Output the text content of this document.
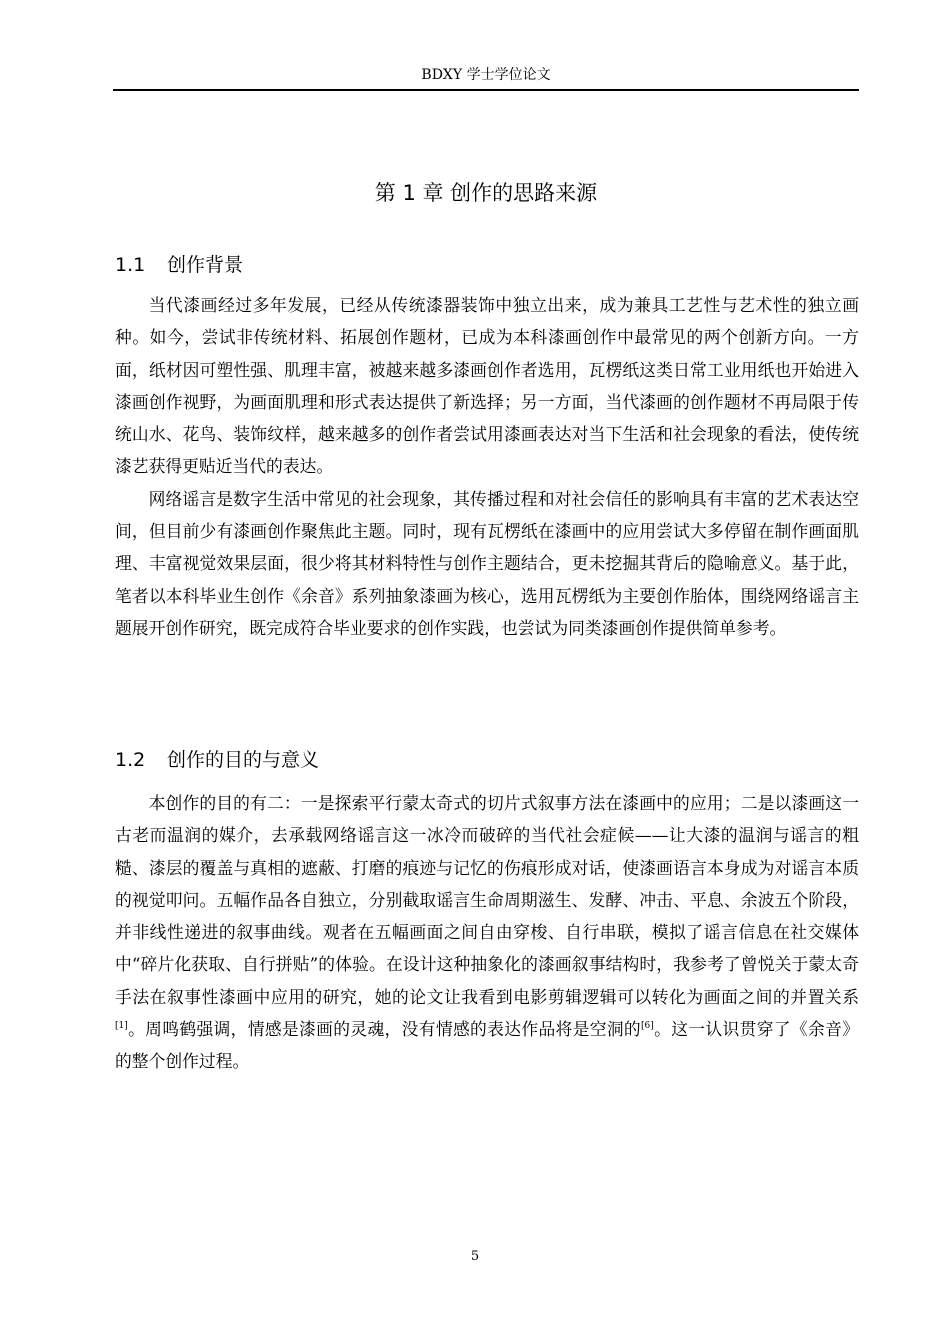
BDXY 学士学位论文
第 1 章 创作的思路来源
1.1 创作背景

当代漆画经过多年发展，已经从传统漆器装饰中独立出来，成为兼具工艺性与艺术性的独立画种。如今，尝试非传统材料、拓展创作题材，已成为本科漆画创作中最常见的两个创新方向。一方面，纸材因可塑性强、肌理丰富，被越来越多漆画创作者选用，瓦楞纸这类日常工业用纸也开始进入漆画创作视野，为画面肌理和形式表达提供了新选择；另一方面，当代漆画的创作题材不再局限于传统山水、花鸟、装饰纹样，越来越多的创作者尝试用漆画表达对当下生活和社会现象的看法，使传统漆艺获得更贴近当代的表达。

网络谣言是数字生活中常见的社会现象，其传播过程和对社会信任的影响具有丰富的艺术表达空间，但目前少有漆画创作聚焦此主题。同时，现有瓦楞纸在漆画中的应用尝试大多停留在制作画面肌理、丰富视觉效果层面，很少将其材料特性与创作主题结合，更未挖掘其背后的隐喻意义。基于此，笔者以本科毕业生创作《余音》系列抽象漆画为核心，选用瓦楞纸为主要创作胎体，围绕网络谣言主题展开创作研究，既完成符合毕业要求的创作实践，也尝试为同类漆画创作提供简单参考。

1.2 创作的目的与意义

本创作的目的有二：一是探索平行蒙太奇式的切片式叙事方法在漆画中的应用；二是以漆画这一古老而温润的媒介，去承载网络谣言这一冰冷而破碎的当代社会症候——让大漆的温润与谣言的粗糙、漆层的覆盖与真相的遮蔽、打磨的痕迹与记忆的伤痕形成对话，使漆画语言本身成为对谣言本质的视觉叩问。五幅作品各自独立，分别截取谣言生命周期滋生、发酵、冲击、平息、余波五个阶段，并非线性递进的叙事曲线。观者在五幅画面之间自由穿梭、自行串联，模拟了谣言信息在社交媒体中“碎片化获取、自行拼贴”的体验。在设计这种抽象化的漆画叙事结构时，我参考了曾悦关于蒙太奇手法在叙事性漆画中应用的研究，她的论文让我看到电影剪辑逻辑可以转化为画面之间的并置关系[1]。周鸣鹤强调，情感是漆画的灵魂，没有情感的表达作品将是空洞的[6]。这一认识贯穿了《余音》的整个创作过程。

5
